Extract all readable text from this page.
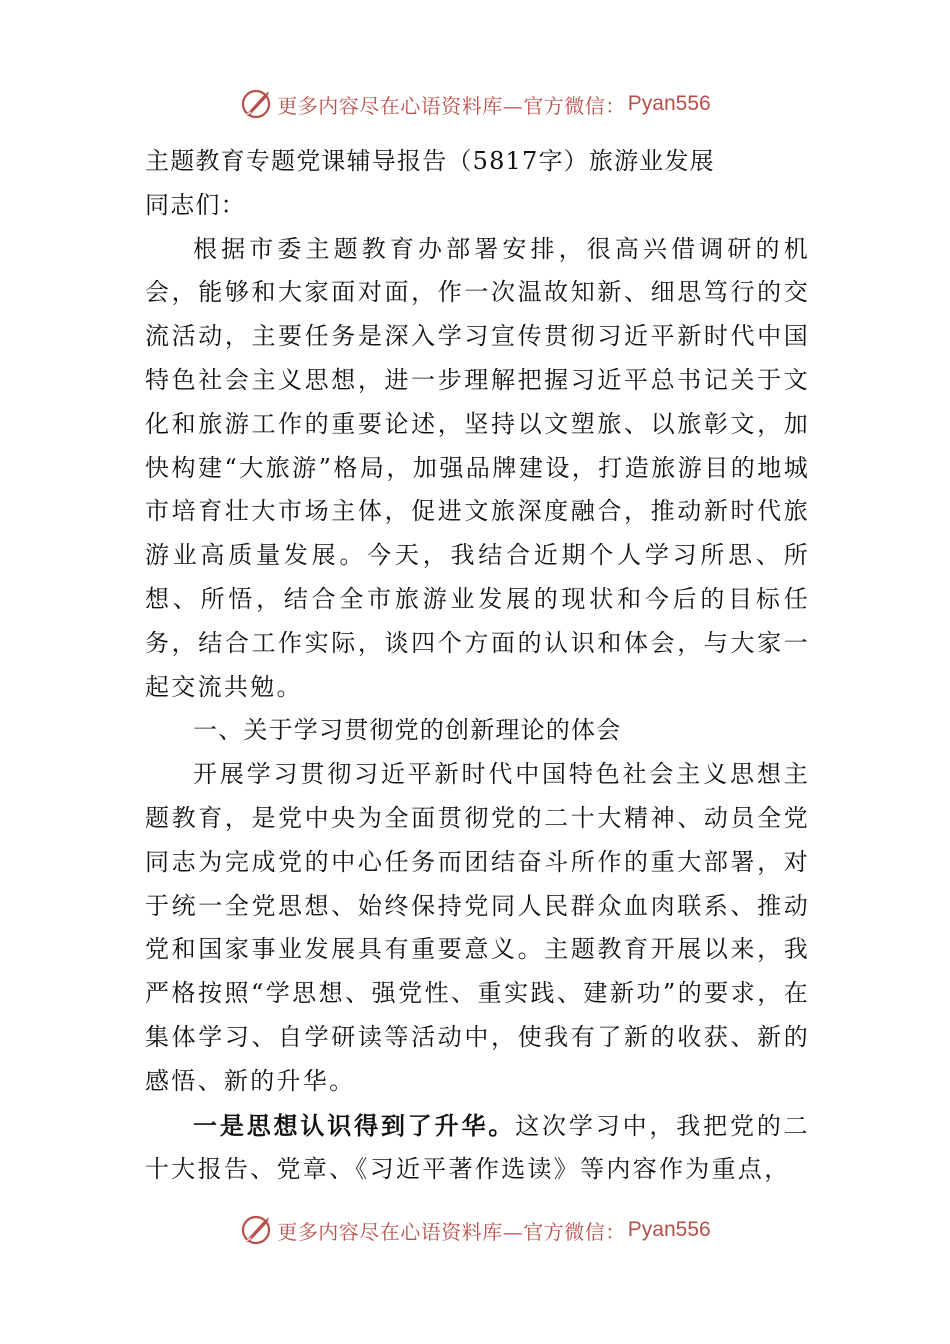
更多内容尽在心语资料库—官方微信： Pyan556
主题教育专题党课辅导报告（5817字）旅游业发展
同志们：
根据市委主题教育办部署安排，很高兴借调研的机会，能够和大家面对面，作一次温故知新、细思笃行的交流活动，主要任务是深入学习宣传贯彻习近平新时代中国特色社会主义思想，进一步理解把握习近平总书记关于文化和旅游工作的重要论述，坚持以文塑旅、以旅彰文，加快构建“大旅游”格局，加强品牌建设，打造旅游目的地城市培育壮大市场主体，促进文旅深度融合，推动新时代旅游业高质量发展。今天，我结合近期个人学习所思、所想、所悟，结合全市旅游业发展的现状和今后的目标任务，结合工作实际，谈四个方面的认识和体会，与大家一起交流共勉。
一、关于学习贯彻党的创新理论的体会
开展学习贯彻习近平新时代中国特色社会主义思想主题教育，是党中央为全面贯彻党的二十大精神、动员全党同志为完成党的中心任务而团结奋斗所作的重大部署，对于统一全党思想、始终保持党同人民群众血肉联系、推动党和国家事业发展具有重要意义。主题教育开展以来，我严格按照“学思想、强党性、重实践、建新功”的要求，在集体学习、自学研读等活动中，使我有了新的收获、新的感悟、新的升华。
一是思想认识得到了升华。这次学习中，我把党的二十大报告、党章、《习近平著作选读》等内容作为重点，
更多内容尽在心语资料库—官方微信： Pyan556
